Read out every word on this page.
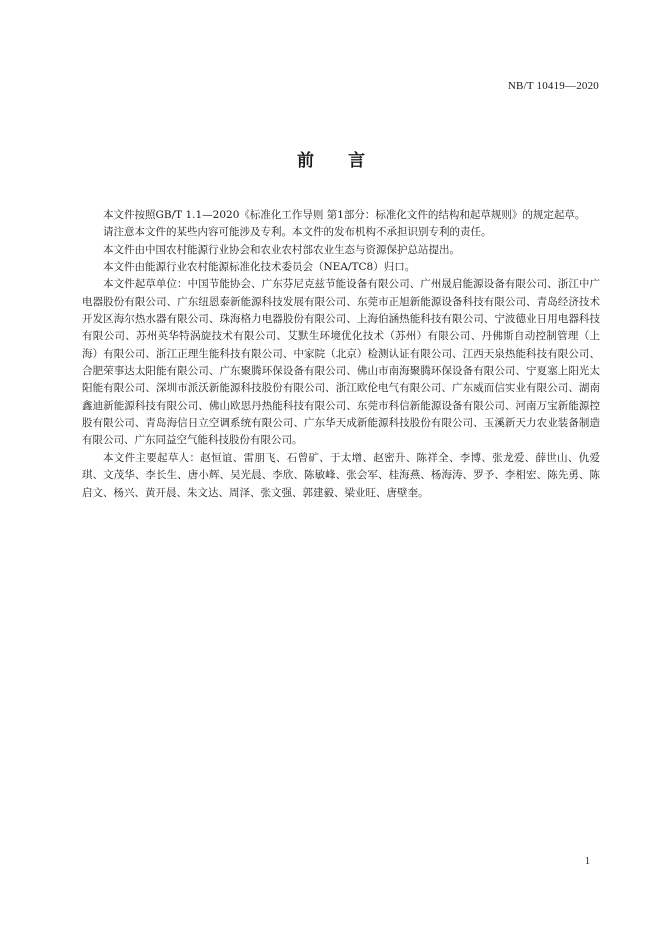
NB/T 10419—2020
前 言

本文件按照GB/T 1.1—2020《标准化工作导则 第1部分：标准化文件的结构和起草规则》的规定起草。

请注意本文件的某些内容可能涉及专利。本文件的发布机构不承担识别专利的责任。

本文件由中国农村能源行业协会和农业农村部农业生态与资源保护总站提出。

本文件由能源行业农村能源标准化技术委员会（NEA/TC8）归口。

本文件起草单位：中国节能协会、广东芬尼克兹节能设备有限公司、广州晟启能源设备有限公司、浙江中广电器股份有限公司、广东纽恩泰新能源科技发展有限公司、东莞市正旭新能源设备科技有限公司、青岛经济技术开发区海尔热水器有限公司、珠海格力电器股份有限公司、上海伯涵热能科技有限公司、宁波德业日用电器科技有限公司、苏州英华特涡旋技术有限公司、艾默生环境优化技术（苏州）有限公司、丹佛斯自动控制管理（上海）有限公司、浙江正理生能科技有限公司、中家院（北京）检测认证有限公司、江西天泉热能科技有限公司、合肥荣事达太阳能有限公司、广东聚腾环保设备有限公司、佛山市南海聚腾环保设备有限公司、宁夏塞上阳光太阳能有限公司、深圳市派沃新能源科技股份有限公司、浙江欧伦电气有限公司、广东威而信实业有限公司、湖南鑫迪新能源科技有限公司、佛山欧思丹热能科技有限公司、东莞市科信新能源设备有限公司、河南万宝新能源控股有限公司、青岛海信日立空调系统有限公司、广东华天成新能源科技股份有限公司、玉溪新天力农业装备制造有限公司、广东同益空气能科技股份有限公司。

本文件主要起草人：赵恒谊、雷朋飞、石曾矿、于太增、赵密升、陈祥全、李博、张龙爱、薛世山、仇爱琪、文茂华、李长生、唐小辉、吴光晨、李欣、陈敏峰、张会军、桂海燕、杨海涛、罗予、李相宏、陈先勇、陈启文、杨兴、黄开晨、朱文达、周泽、张文强、郭建毅、梁业旺、唐壁奎。

1
